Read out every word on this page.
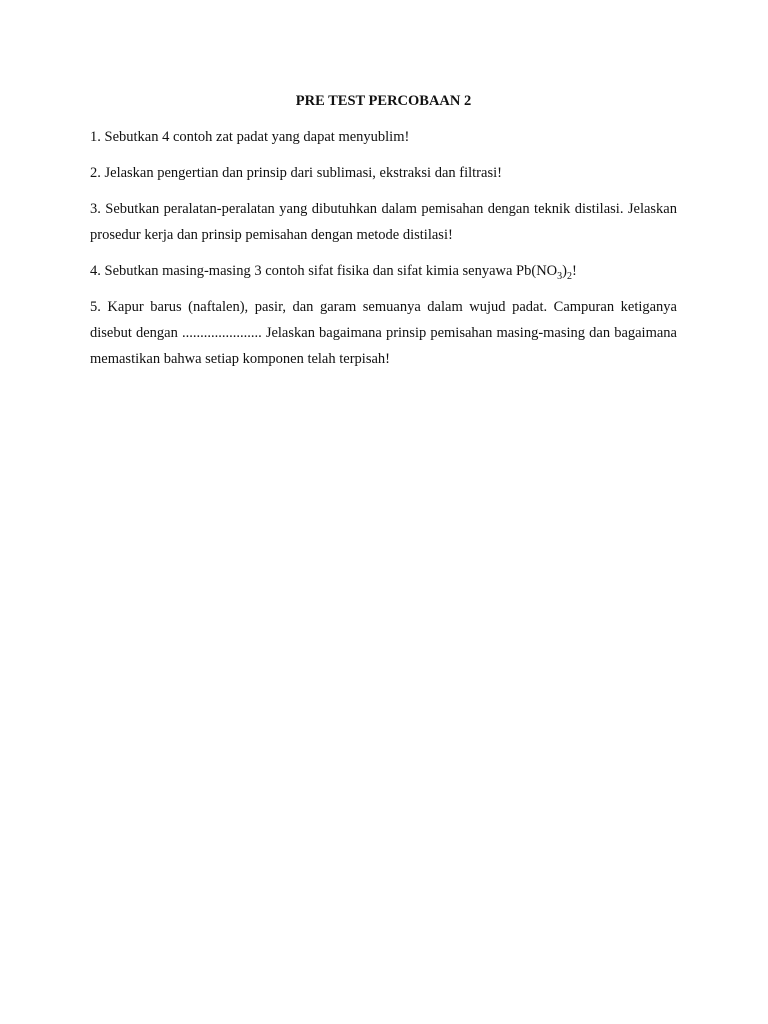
PRE TEST PERCOBAAN 2

1. Sebutkan 4 contoh zat padat yang dapat menyublim!

2. Jelaskan pengertian dan prinsip dari sublimasi, ekstraksi dan filtrasi!

3. Sebutkan peralatan-peralatan yang dibutuhkan dalam pemisahan dengan teknik distilasi. Jelaskan prosedur kerja dan prinsip pemisahan dengan metode distilasi!

4. Sebutkan masing-masing 3 contoh sifat fisika dan sifat kimia senyawa $Pb(NO_3)_2$!

5. Kapur barus (naftalen), pasir, dan garam semuanya dalam wujud padat. Campuran ketiganya disebut dengan ...................... Jelaskan bagaimana prinsip pemisahan masing-masing dan bagaimana memastikan bahwa setiap komponen telah terpisah!
